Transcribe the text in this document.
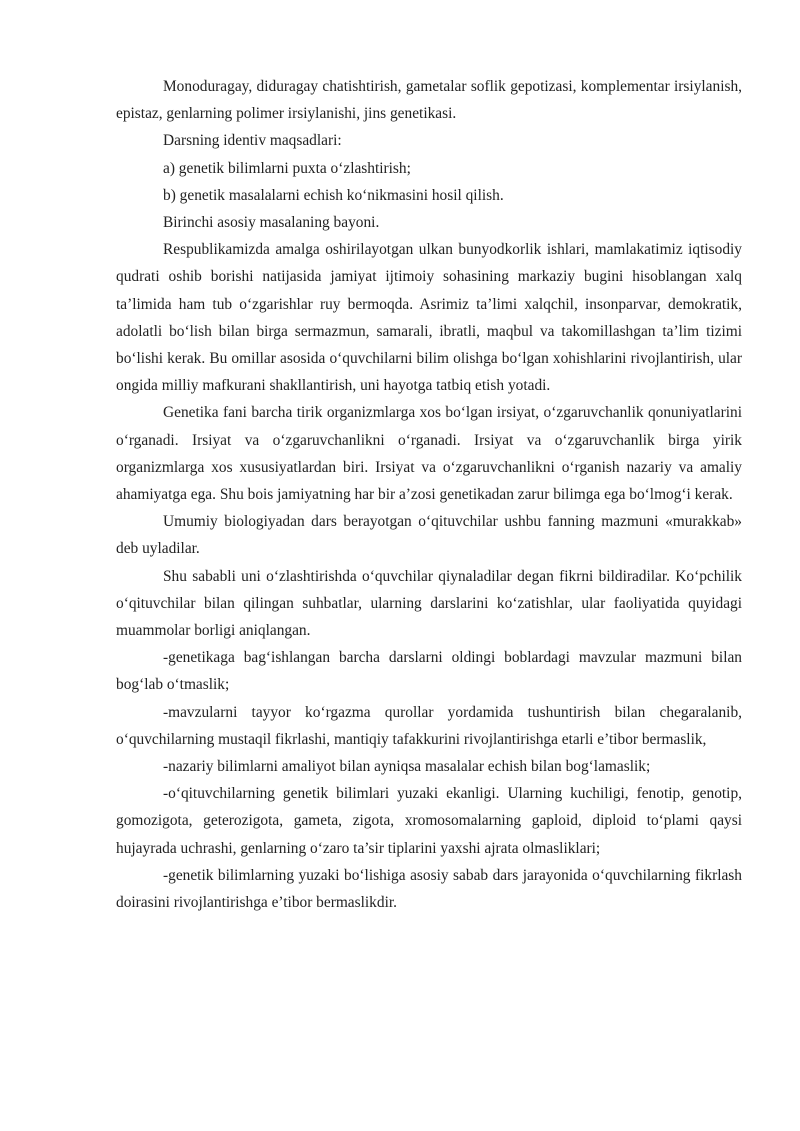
Monoduragay, diduragay chatishtirish, gametalar soflik gepotizasi, komplementar irsiylanish, epistaz, genlarning polimer irsiylanishi, jins genetikasi.

Darsning identiv maqsadlari:

a) genetik bilimlarni puxta o‘zlashtirish;

b) genetik masalalarni echish ko‘nikmasini hosil qilish.

Birinchi asosiy masalaning bayoni.

Respublikamizda amalga oshirilayotgan ulkan bunyodkorlik ishlari, mamlakatimiz iqtisodiy qudrati oshib borishi natijasida jamiyat ijtimoiy sohasining markaziy bugini hisoblangan xalq ta’limida ham tub o‘zgarishlar ruy bermoqda. Asrimiz ta’limi xalqchil, insonparvar, demokratik, adolatli bo‘lish bilan birga sermazmun, samarali, ibratli, maqbul va takomillashgan ta’lim tizimi bo‘lishi kerak. Bu omillar asosida o‘quvchilarni bilim olishga bo‘lgan xohishlarini rivojlantirish, ular ongida milliy mafkurani shakllantirish, uni hayotga tatbiq etish yotadi.

Genetika fani barcha tirik organizmlarga xos bo‘lgan irsiyat, o‘zgaruvchanlik qonuniyatlarini o‘rganadi. Irsiyat va o‘zgaruvchanlikni o‘rganadi. Irsiyat va o‘zgaruvchanlik birga yirik organizmlarga xos xususiyatlardan biri. Irsiyat va o‘zgaruvchanlikni o‘rganish nazariy va amaliy ahamiyatga ega. Shu bois jamiyatning har bir a’zosi genetikadan zarur bilimga ega bo‘lmog‘i kerak.

Umumiy biologiyadan dars berayotgan o‘qituvchilar ushbu fanning mazmuni «murakkab» deb uyladilar.

Shu sababli uni o‘zlashtirishda o‘quvchilar qiynaladilar degan fikrni bildiradilar. Ko‘pchilik o‘qituvchilar bilan qilingan suhbatlar, ularning darslarini ko‘zatishlar, ular faoliyatida quyidagi muammolar borligi aniqlangan.

-genetikaga bag‘ishlangan barcha darslarni oldingi boblardagi mavzular mazmuni bilan bog‘lab o‘tmaslik;

-mavzularni tayyor ko‘rgazma qurollar yordamida tushuntirish bilan chegaralanib, o‘quvchilarning mustaqil fikrlashi, mantiqiy tafakkurini rivojlantirishga etarli e’tibor bermaslik,

-nazariy bilimlarni amaliyot bilan ayniqsa masalalar echish bilan bog‘lamaslik;

-o‘qituvchilarning genetik bilimlari yuzaki ekanligi. Ularning kuchiligi, fenotip, genotip, gomozigota, geterozigota, gameta, zigota, xromosomalarning gaploid, diploid to‘plami qaysi hujayrada uchrashi, genlarning o‘zaro ta’sir tiplarini yaxshi ajrata olmasliklari;

-genetik bilimlarning yuzaki bo‘lishiga asosiy sabab dars jarayonida o‘quvchilarning fikrlash doirasini rivojlantirishga e’tibor bermaslikdir.
